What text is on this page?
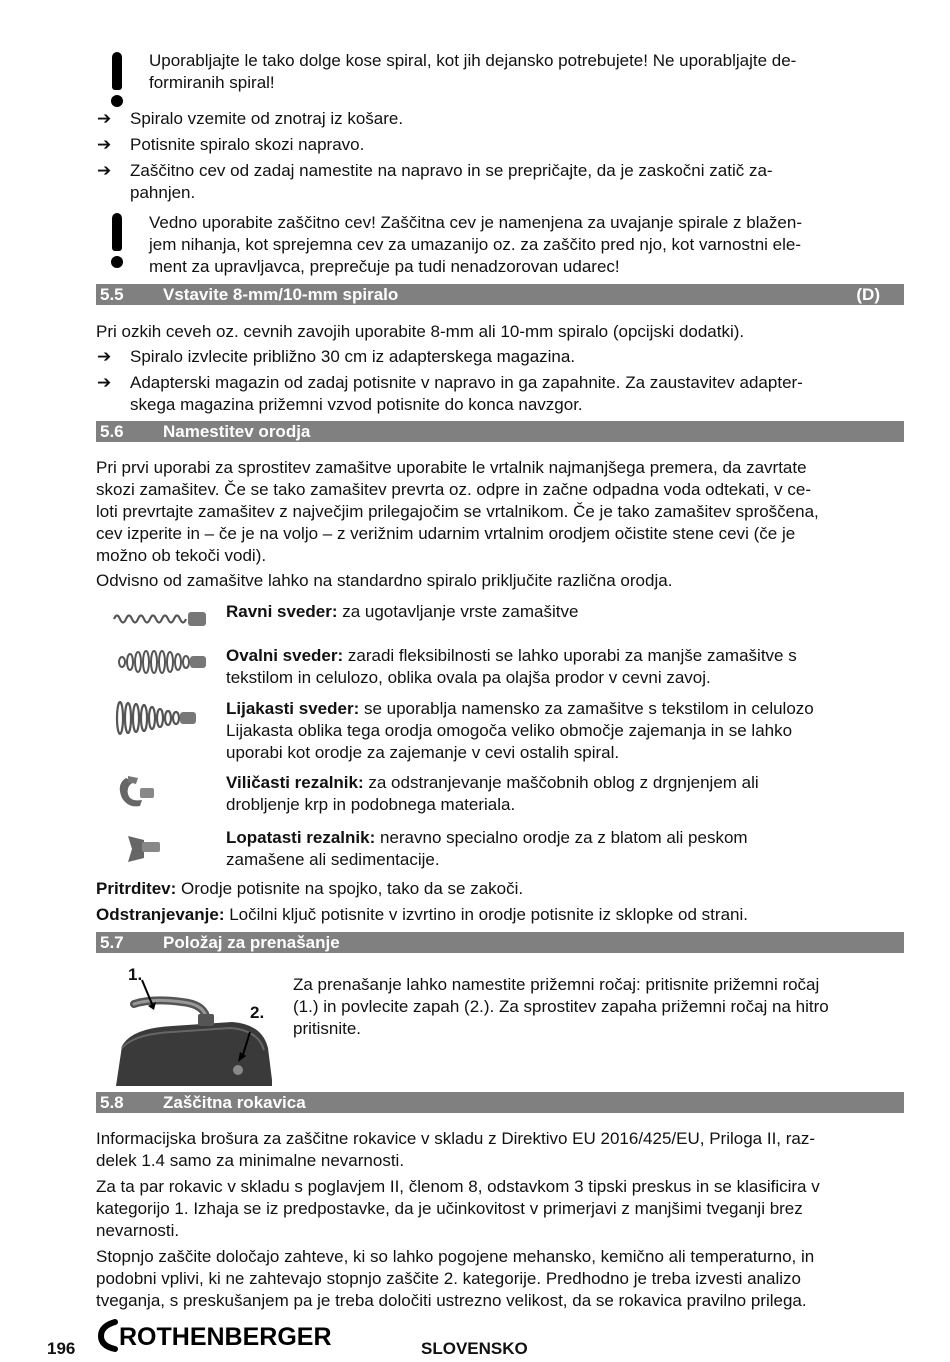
Uporabljajte le tako dolge kose spiral, kot jih dejansko potrebujete! Ne uporabljajte de-
formiranih spiral!
➔	Spiralo vzemite od znotraj iz košare.
➔	Potisnite spiralo skozi napravo.
➔	Zaščitno cev od zadaj namestite na napravo in se prepričajte, da je zaskočni zatič za-
pahnjen.
Vedno uporabite zaščitno cev! Zaščitna cev je namenjena za uvajanje spirale z blažen-
jem nihanja, kot sprejemna cev za umazanijo oz. za zaščito pred njo, kot varnostni ele-
ment za upravljavca, preprečuje pa tudi nenadzorovan udarec!
5.5 Vstavite 8-mm/10-mm spiralo	(D)
Pri ozkih ceveh oz. cevnih zavojih uporabite 8-mm ali 10-mm spiralo (opcijski dodatki).
➔	Spiralo izvlecite približno 30 cm iz adapterskega magazina.
➔	Adapterski magazin od zadaj potisnite v napravo in ga zapahnite. Za zaustavitev adapter-
skega magazina prižemni vzvod potisnite do konca navzgor.
5.6 Namestitev orodja
Pri prvi uporabi za sprostitev zamašitve uporabite le vrtalnik najmanjšega premera, da zavrtate
skozi zamašitev. Če se tako zamašitev prevrta oz. odpre in začne odpadna voda odtekati, v ce-
loti prevrtajte zamašitev z največjim prilegajočim se vrtalnikom. Če je tako zamašitev sproščena,
cev izperite in – če je na voljo – z verižnim udarnim vrtalnim orodjem očistite stene cevi (če je
možno ob tekoči vodi).
Odvisno od zamašitve lahko na standardno spiralo priključite različna orodja.
Ravni sveder: za ugotavljanje vrste zamašitve
Ovalni sveder: zaradi fleksibilnosti se lahko uporabi za manjše zamašitve s
tekstilom in celulozo, oblika ovala pa olajša prodor v cevni zavoj.
Lijakasti sveder: se uporablja namensko za zamašitve s tekstilom in celulozo
Lijakasta oblika tega orodja omogoča veliko območje zajemanja in se lahko
uporabi kot orodje za zajemanje v cevi ostalih spiral.
Viličasti rezalnik: za odstranjevanje maščobnih oblog z drgnjenjem ali
drobljenje krp in podobnega materiala.
Lopatasti rezalnik: neravno specialno orodje za z blatom ali peskom
zamašene ali sedimentacije.
Pritrditev: Orodje potisnite na spojko, tako da se zakoči.
Odstranjevanje: Ločilni ključ potisnite v izvrtino in orodje potisnite iz sklopke od strani.
5.7 Položaj za prenašanje
1.
2.
Za prenašanje lahko namestite prižemni ročaj: pritisnite prižemni ročaj
(1.) in povlecite zapah (2.). Za sprostitev zapaha prižemni ročaj na hitro
pritisnite.
5.8 Zaščitna rokavica
Informacijska brošura za zaščitne rokavice v skladu z Direktivo EU 2016/425/EU, Priloga II, raz-
delek 1.4 samo za minimalne nevarnosti.
Za ta par rokavic v skladu s poglavjem II, členom 8, odstavkom 3 tipski preskus in se klasificira v
kategorijo 1. Izhaja se iz predpostavke, da je učinkovitost v primerjavi z manjšimi tveganji brez
nevarnosti.
Stopnjo zaščite določajo zahteve, ki so lahko pogojene mehansko, kemično ali temperaturno, in
podobni vplivi, ki ne zahtevajo stopnjo zaščite 2. kategorije. Predhodno je treba izvesti analizo
tveganja, s preskušanjem pa je treba določiti ustrezno velikost, da se rokavica pravilno prilega.
196 ROTHENBERGER	SLOVENSKO
